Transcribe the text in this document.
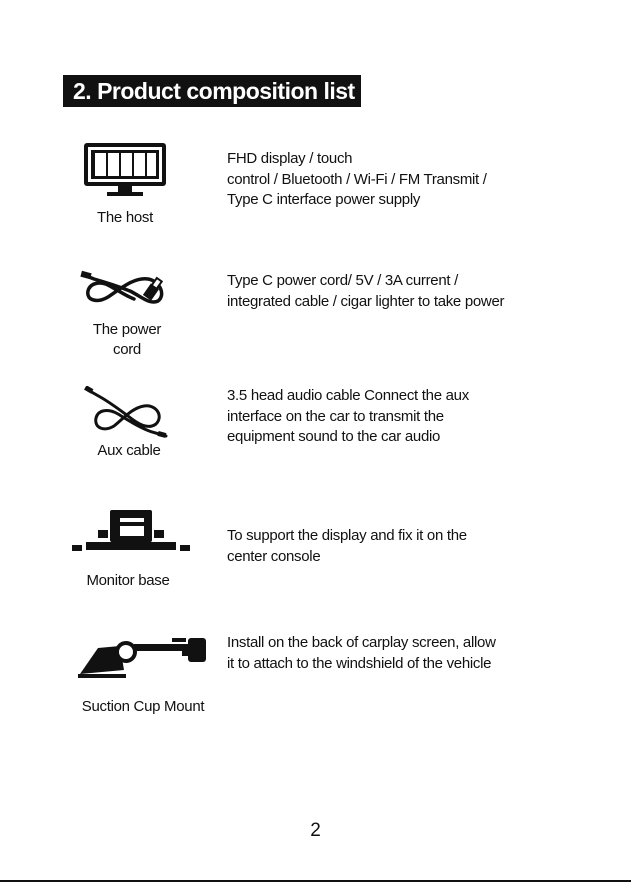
2. Product composition list
The host
FHD display / touch
control / Bluetooth / Wi-Fi / FM Transmit /
Type C interface power supply
The power
cord
Type C power cord/ 5V / 3A current /
integrated cable / cigar lighter to take power
Aux cable
3.5 head audio cable Connect the aux
interface on the car to transmit the
equipment sound to the car audio
Monitor base
To support the display and fix it on the
center console
Suction Cup Mount
Install on the back of carplay screen, allow
it to attach to the windshield of the vehicle
2
